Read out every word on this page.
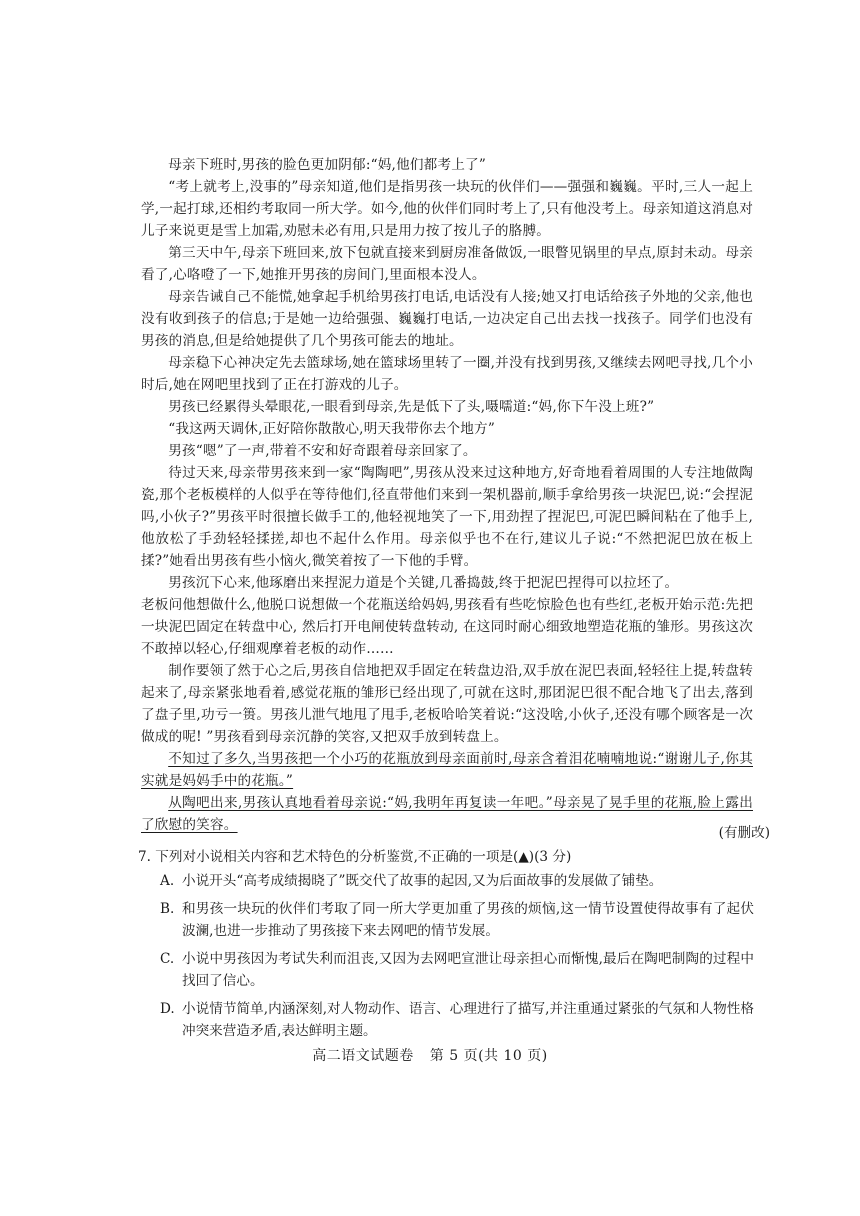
母亲下班时,男孩的脸色更加阴郁:“妈,他们都考上了”

“考上就考上,没事的”母亲知道,他们是指男孩一块玩的伙伴们——强强和巍巍。平时,三人一起上学,一起打球,还相约考取同一所大学。如今,他的伙伴们同时考上了,只有他没考上。母亲知道这消息对儿子来说更是雪上加霜,劝慰未必有用,只是用力按了按儿子的胳膊。

第三天中午,母亲下班回来,放下包就直接来到厨房准备做饭,一眼瞥见锅里的早点,原封未动。母亲看了,心咯噔了一下,她推开男孩的房间门,里面根本没人。

母亲告诫自己不能慌,她拿起手机给男孩打电话,电话没有人接;她又打电话给孩子外地的父亲,他也没有收到孩子的信息;于是她一边给强强、巍巍打电话,一边决定自己出去找一找孩子。同学们也没有男孩的消息,但是给她提供了几个男孩可能去的地址。

母亲稳下心神决定先去篮球场,她在篮球场里转了一圈,并没有找到男孩,又继续去网吧寻找,几个小时后,她在网吧里找到了正在打游戏的儿子。

男孩已经累得头晕眼花,一眼看到母亲,先是低下了头,嗫嚅道:“妈,你下午没上班?”

“我这两天调休,正好陪你散散心,明天我带你去个地方”

男孩“嗯”了一声,带着不安和好奇跟着母亲回家了。

待过天来,母亲带男孩来到一家“陶陶吧”,男孩从没来过这种地方,好奇地看着周围的人专注地做陶瓷,那个老板模样的人似乎在等待他们,径直带他们来到一架机器前,顺手拿给男孩一块泥巴,说:“会捏泥吗,小伙子?”男孩平时很擅长做手工的,他轻视地笑了一下,用劲捏了捏泥巴,可泥巴瞬间粘在了他手上,他放松了手劲轻轻揉搓,却也不起什么作用。母亲似乎也不在行,建议儿子说:“不然把泥巴放在板上揉?”她看出男孩有些小恼火,微笑着按了一下他的手臂。

男孩沉下心来,他琢磨出来捏泥力道是个关键,几番捣鼓,终于把泥巴捏得可以拉坯了。

老板问他想做什么,他脱口说想做一个花瓶送给妈妈,男孩看有些吃惊脸色也有些红,老板开始示范:先把一块泥巴固定在转盘中心, 然后打开电闸使转盘转动, 在这同时耐心细致地塑造花瓶的雏形。男孩这次不敢掉以轻心,仔细观摩着老板的动作……

制作要领了然于心之后,男孩自信地把双手固定在转盘边沿,双手放在泥巴表面,轻轻往上提,转盘转起来了,母亲紧张地看着,感觉花瓶的雏形已经出现了,可就在这时,那团泥巴很不配合地飞了出去,落到了盘子里,功亏一篑。男孩儿泄气地甩了甩手,老板哈哈笑着说:“这没啥,小伙子,还没有哪个顾客是一次做成的呢! ”男孩看到母亲沉静的笑容,又把双手放到转盘上。

不知过了多久,当男孩把一个小巧的花瓶放到母亲面前时,母亲含着泪花喃喃地说:“谢谢儿子,你其实就是妈妈手中的花瓶。”

从陶吧出来,男孩认真地看着母亲说:“妈,我明年再复读一年吧。”母亲晃了晃手里的花瓶,脸上露出了欣慰的笑容。	(有删改)

7. 下列对小说相关内容和艺术特色的分析鉴赏,不正确的一项是(▲)(3 分)

A. 小说开头“高考成绩揭晓了”既交代了故事的起因,又为后面故事的发展做了铺垫。
B. 和男孩一块玩的伙伴们考取了同一所大学更加重了男孩的烦恼,这一情节设置使得故事有了起伏波澜,也进一步推动了男孩接下来去网吧的情节发展。
C. 小说中男孩因为考试失利而沮丧,又因为去网吧宣泄让母亲担心而惭愧,最后在陶吧制陶的过程中找回了信心。
D. 小说情节简单,内涵深刻,对人物动作、语言、心理进行了描写,并注重通过紧张的气氛和人物性格冲突来营造矛盾,表达鲜明主题。
高二语文试题卷 第 5 页(共 10 页)
